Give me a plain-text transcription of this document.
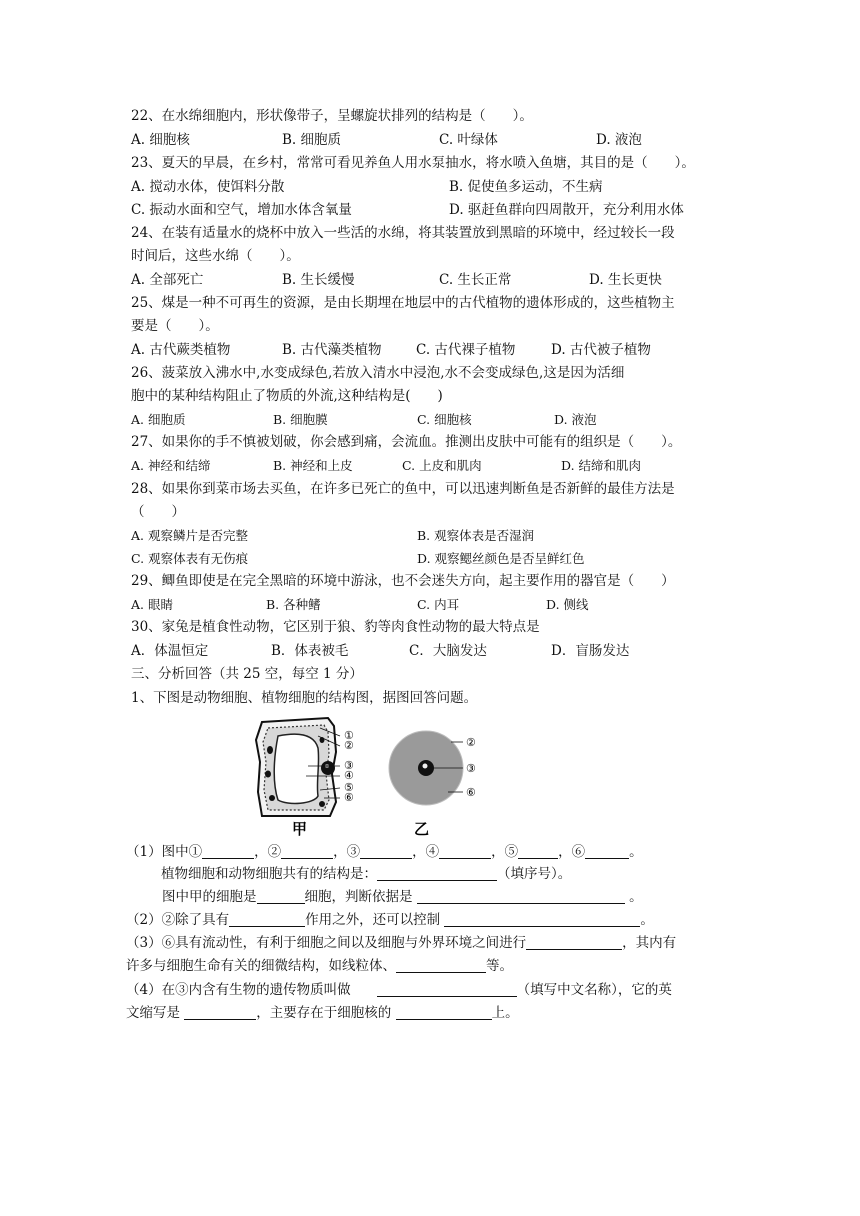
22、在水绵细胞内，形状像带子，呈螺旋状排列的结构是（　　）。
A. 细胞核	B. 细胞质	C. 叶绿体	D. 液泡
23、夏天的早晨，在乡村，常常可看见养鱼人用水泵抽水，将水喷入鱼塘，其目的是（　　）。
A. 搅动水体，使饵料分散	B. 促使鱼多运动，不生病
C. 振动水面和空气，增加水体含氧量	D. 驱赶鱼群向四周散开，充分利用水体
24、在装有适量水的烧杯中放入一些活的水绵，将其装置放到黑暗的环境中，经过较长一段
时间后，这些水绵（　　）。
A. 全部死亡	B. 生长缓慢	C. 生长正常	D. 生长更快
25、煤是一种不可再生的资源，是由长期埋在地层中的古代植物的遗体形成的，这些植物主
要是（　　）。
A. 古代蕨类植物	B. 古代藻类植物	C. 古代裸子植物	D. 古代被子植物
26、菠菜放入沸水中,水变成绿色,若放入清水中浸泡,水不会变成绿色,这是因为活细
胞中的某种结构阻止了物质的外流,这种结构是(　　)
A. 细胞质	B. 细胞膜	C. 细胞核	D. 液泡
27、如果你的手不慎被划破，你会感到痛，会流血。推测出皮肤中可能有的组织是（　　）。
A. 神经和结缔	B. 神经和上皮	C. 上皮和肌肉	D. 结缔和肌肉
28、如果你到菜市场去买鱼，在许多已死亡的鱼中，可以迅速判断鱼是否新鲜的最佳方法是
（　　）
A. 观察鳞片是否完整	B. 观察体表是否湿润
C. 观察体表有无伤痕	D. 观察鳃丝颜色是否呈鲜红色
29、鲫鱼即使是在完全黑暗的环境中游泳，也不会迷失方向，起主要作用的器官是（　　）
A. 眼睛	B. 各种鳍	C. 内耳	D. 侧线
30、家兔是植食性动物，它区别于狼、豹等肉食性动物的最大特点是
A．体温恒定	B．体表被毛	C．大脑发达	D．盲肠发达
三、分析回答（共 25 空，每空 1 分）
1、下图是动物细胞、植物细胞的结构图，据图回答问题。
①
②
③
④
⑤
⑥
甲
②
③
⑥
乙
（1）图中①	，②	，③	，④	，⑤	，⑥	。
植物细胞和动物细胞共有的结构是：	（填序号）。
图中甲的细胞是	细胞，判断依据是	。
（2）②除了具有	作用之外，还可以控制	。
（3）⑥具有流动性，有利于细胞之间以及细胞与外界环境之间进行	，其内有
许多与细胞生命有关的细微结构，如线粒体、	等。
（4）在③内含有生物的遗传物质叫做	（填写中文名称），它的英
文缩写是	，主要存在于细胞核的	上。
